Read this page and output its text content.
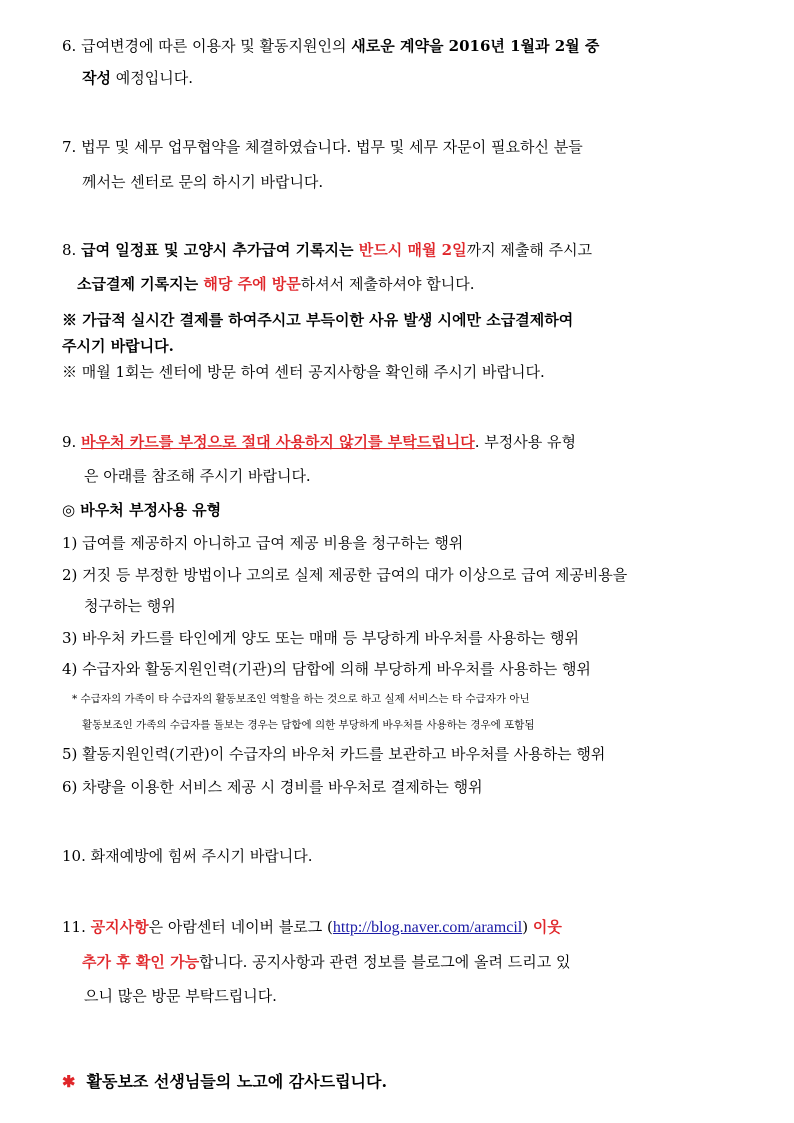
6. 급여변경에 따른 이용자 및 활동지원인의 새로운 계약을 2016년 1월과 2월 중
작성 예정입니다.
7. 법무 및 세무 업무협약을 체결하였습니다. 법무 및 세무 자문이 필요하신 분들
께서는 센터로 문의 하시기 바랍니다.
8. 급여 일정표 및 고양시 추가급여 기록지는 반드시 매월 2일까지 제출해 주시고
소급결제 기록지는 해당 주에 방문하셔서 제출하셔야 합니다.
※ 가급적 실시간 결제를 하여주시고 부득이한 사유 발생 시에만 소급결제하여
주시기 바랍니다.
※ 매월 1회는 센터에 방문 하여 센터 공지사항을 확인해 주시기 바랍니다.
9. 바우처 카드를 부정으로 절대 사용하지 않기를 부탁드립니다. 부정사용 유형
은 아래를 참조해 주시기 바랍니다.
◎ 바우처 부정사용 유형
1) 급여를 제공하지 아니하고 급여 제공 비용을 청구하는 행위
2) 거짓 등 부정한 방법이나 고의로 실제 제공한 급여의 대가 이상으로 급여 제공비용을
청구하는 행위
3) 바우처 카드를 타인에게 양도 또는 매매 등 부당하게 바우처를 사용하는 행위
4) 수급자와 활동지원인력(기관)의 담합에 의해 부당하게 바우처를 사용하는 행위
* 수급자의 가족이 타 수급자의 활동보조인 역할을 하는 것으로 하고 실제 서비스는 타 수급자가 아닌
활동보조인 가족의 수급자를 돌보는 경우는 담합에 의한 부당하게 바우처를 사용하는 경우에 포함됨
5) 활동지원인력(기관)이 수급자의 바우처 카드를 보관하고 바우처를 사용하는 행위
6) 차량을 이용한 서비스 제공 시 경비를 바우처로 결제하는 행위
10. 화재예방에 힘써 주시기 바랍니다.
11. 공지사항은 아람센터 네이버 블로그 (http://blog.naver.com/aramcil) 이웃
추가 후 확인 가능합니다. 공지사항과 관련 정보를 블로그에 올려 드리고 있
으니 많은 방문 부탁드립니다.
✱ 활동보조 선생님들의 노고에 감사드립니다.
